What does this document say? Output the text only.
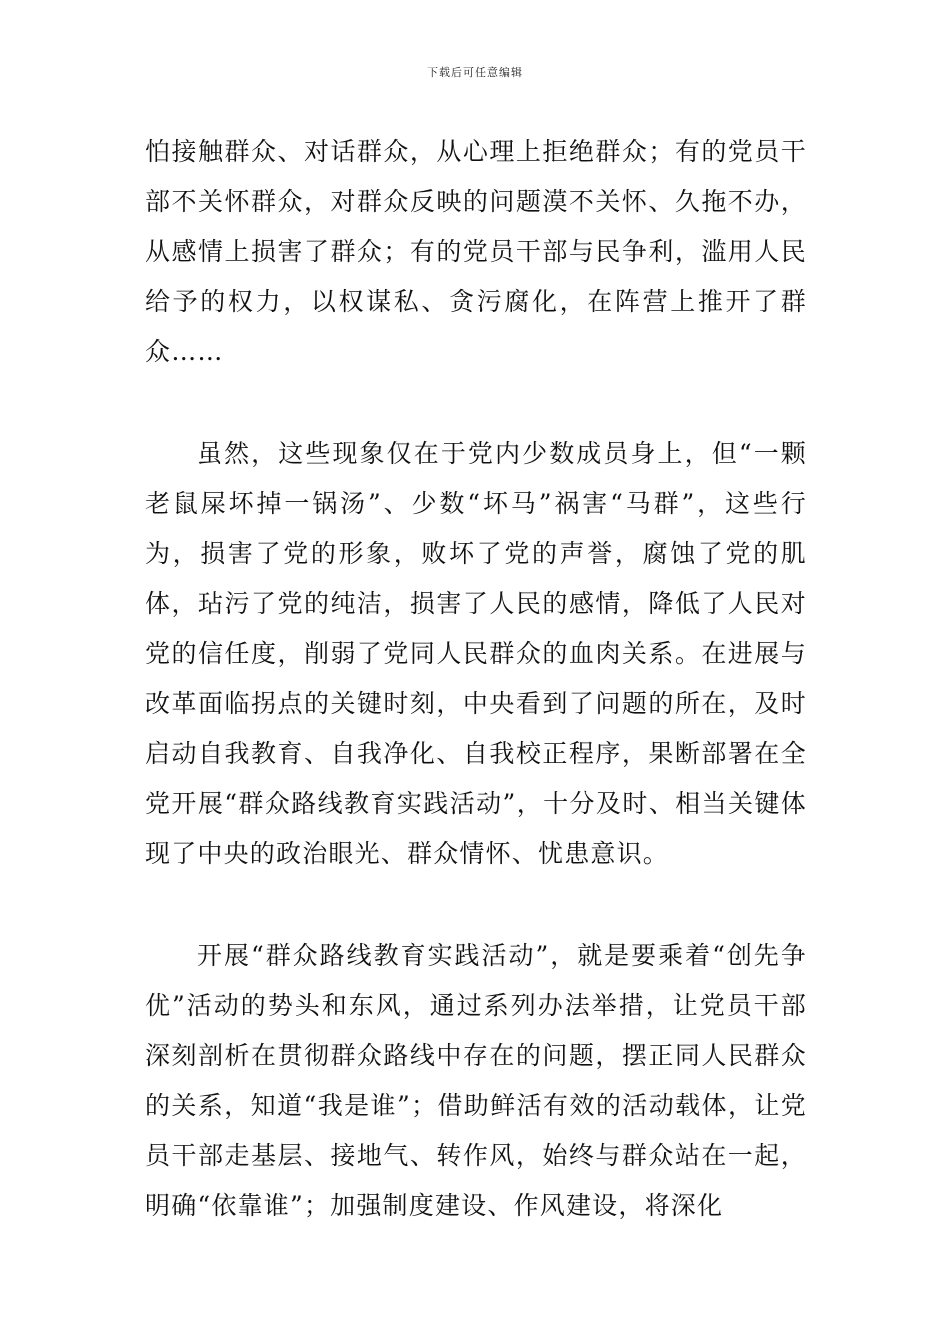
下载后可任意编辑

怕接触群众、对话群众，从心理上拒绝群众；有的党员干部不关怀群众，对群众反映的问题漠不关怀、久拖不办，从感情上损害了群众；有的党员干部与民争利，滥用人民给予的权力，以权谋私、贪污腐化，在阵营上推开了群众……

虽然，这些现象仅在于党内少数成员身上，但“一颗老鼠屎坏掉一锅汤”、少数“坏马”祸害“马群”，这些行为，损害了党的形象，败坏了党的声誉，腐蚀了党的肌体，玷污了党的纯洁，损害了人民的感情，降低了人民对党的信任度，削弱了党同人民群众的血肉关系。在进展与改革面临拐点的关键时刻，中央看到了问题的所在，及时启动自我教育、自我净化、自我校正程序，果断部署在全党开展“群众路线教育实践活动”，十分及时、相当关键体现了中央的政治眼光、群众情怀、忧患意识。

开展“群众路线教育实践活动”，就是要乘着“创先争优”活动的势头和东风，通过系列办法举措，让党员干部深刻剖析在贯彻群众路线中存在的问题，摆正同人民群众的关系，知道“我是谁”；借助鲜活有效的活动载体，让党员干部走基层、接地气、转作风，始终与群众站在一起，明确“依靠谁”；加强制度建设、作风建设，将深化
